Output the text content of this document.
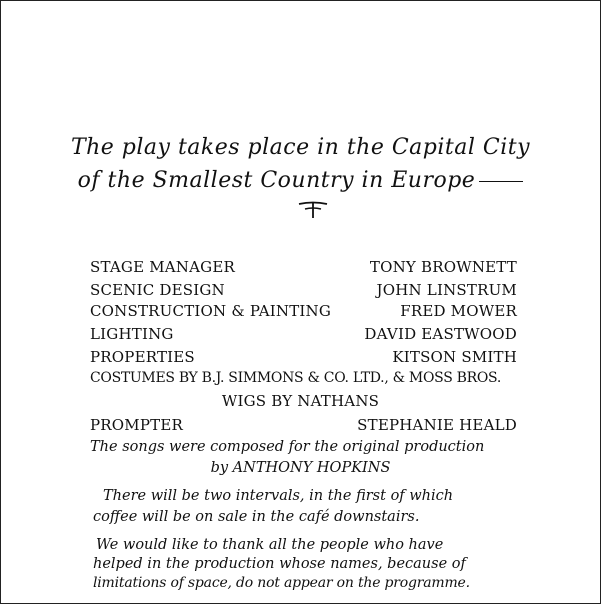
The play takes place in the Capital City
of the Smallest Country in Europe
STAGE MANAGER	TONY BROWNETT
SCENIC DESIGN	JOHN LINSTRUM
CONSTRUCTION & PAINTING	FRED MOWER
LIGHTING	DAVID EASTWOOD
PROPERTIES	KITSON SMITH
COSTUMES BY B.J. SIMMONS & CO. LTD., & MOSS BROS.
WIGS BY NATHANS
PROMPTER	STEPHANIE HEALD
The songs were composed for the original production
by ANTHONY HOPKINS
There will be two intervals, in the first of which
coffee will be on sale in the café downstairs.
We would like to thank all the people who have
helped in the production whose names, because of
limitations of space, do not appear on the programme.
